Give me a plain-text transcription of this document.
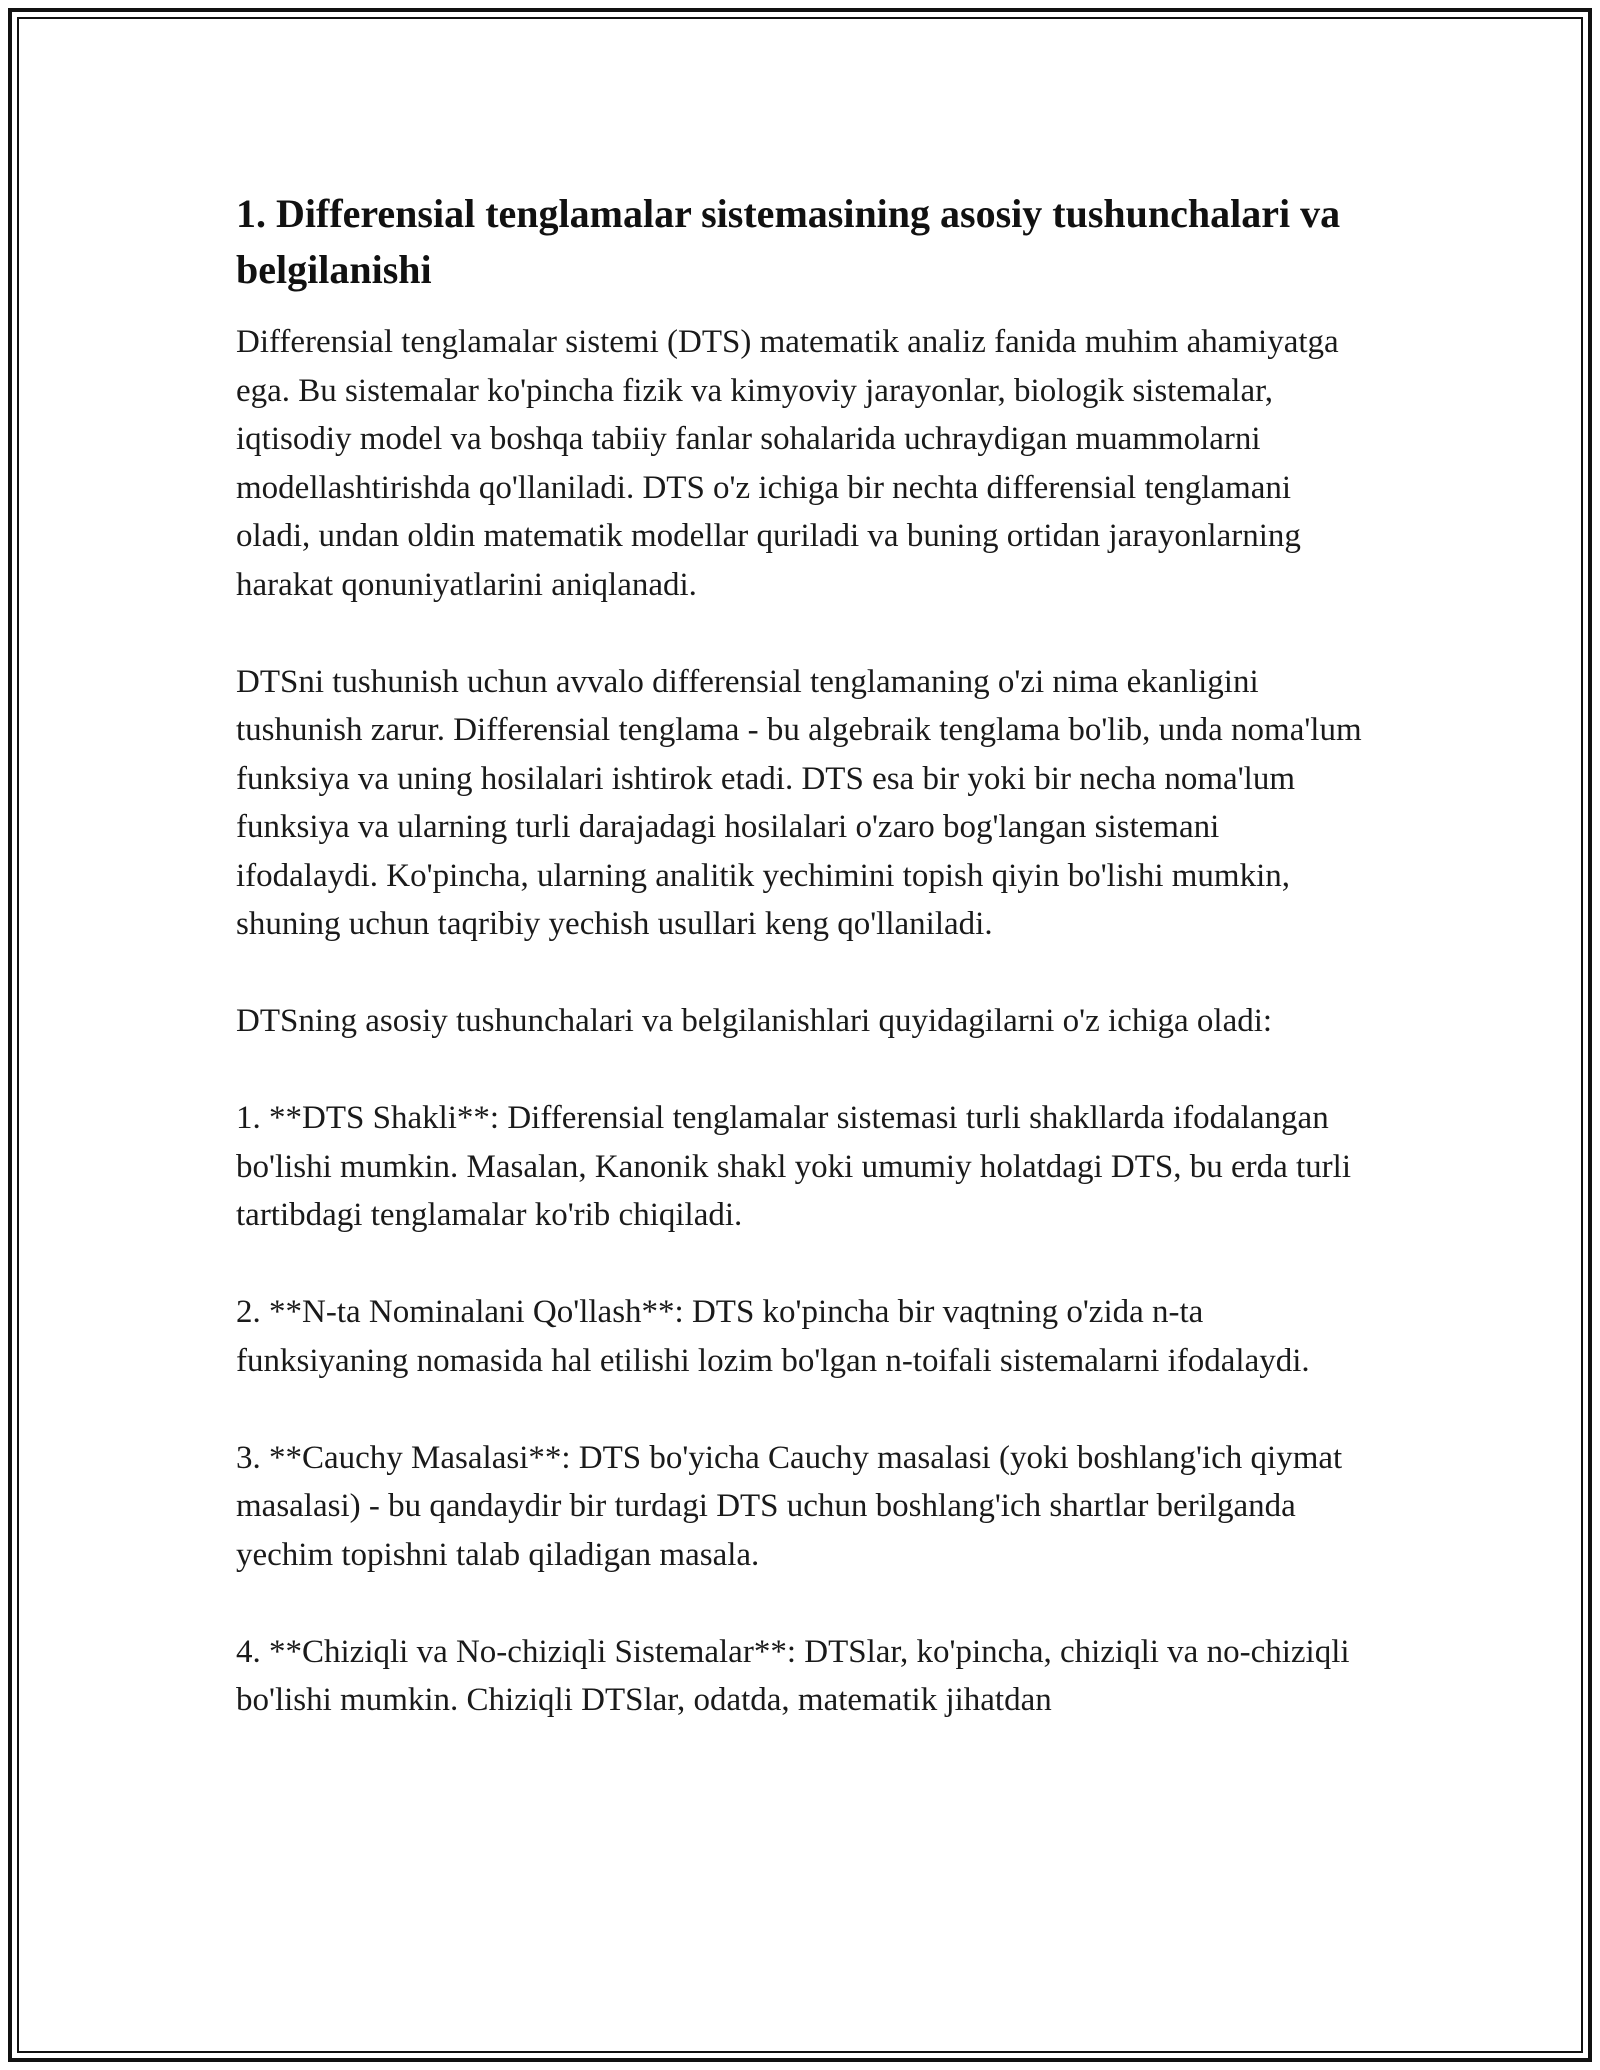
1. Differensial tenglamalar sistemasining asosiy tushunchalari va belgilanishi

Differensial tenglamalar sistemi (DTS) matematik analiz fanida muhim ahamiyatga ega. Bu sistemalar ko'pincha fizik va kimyoviy jarayonlar, biologik sistemalar, iqtisodiy model va boshqa tabiiy fanlar sohalarida uchraydigan muammolarni modellashtirishda qo'llaniladi. DTS o'z ichiga bir nechta differensial tenglamani oladi, undan oldin matematik modellar quriladi va buning ortidan jarayonlarning harakat qonuniyatlarini aniqlanadi.

DTSni tushunish uchun avvalo differensial tenglamaning o'zi nima ekanligini tushunish zarur. Differensial tenglama - bu algebraik tenglama bo'lib, unda noma'lum funksiya va uning hosilalari ishtirok etadi. DTS esa bir yoki bir necha noma'lum funksiya va ularning turli darajadagi hosilalari o'zaro bog'langan sistemani ifodalaydi. Ko'pincha, ularning analitik yechimini topish qiyin bo'lishi mumkin, shuning uchun taqribiy yechish usullari keng qo'llaniladi.

DTSning asosiy tushunchalari va belgilanishlari quyidagilarni o'z ichiga oladi:

1. **DTS Shakli**: Differensial tenglamalar sistemasi turli shakllarda ifodalangan bo'lishi mumkin. Masalan, Kanonik shakl yoki umumiy holatdagi DTS, bu erda turli tartibdagi tenglamalar ko'rib chiqiladi.

2. **N-ta Nominalani Qo'llash**: DTS ko'pincha bir vaqtning o'zida n-ta funksiyaning nomasida hal etilishi lozim bo'lgan n-toifali sistemalarni ifodalaydi.

3. **Cauchy Masalasi**: DTS bo'yicha Cauchy masalasi (yoki boshlang'ich qiymat masalasi) - bu qandaydir bir turdagi DTS uchun boshlang'ich shartlar berilganda yechim topishni talab qiladigan masala.

4. **Chiziqli va No-chiziqli Sistemalar**: DTSlar, ko'pincha, chiziqli va no-chiziqli bo'lishi mumkin. Chiziqli DTSlar, odatda, matematik jihatdan
